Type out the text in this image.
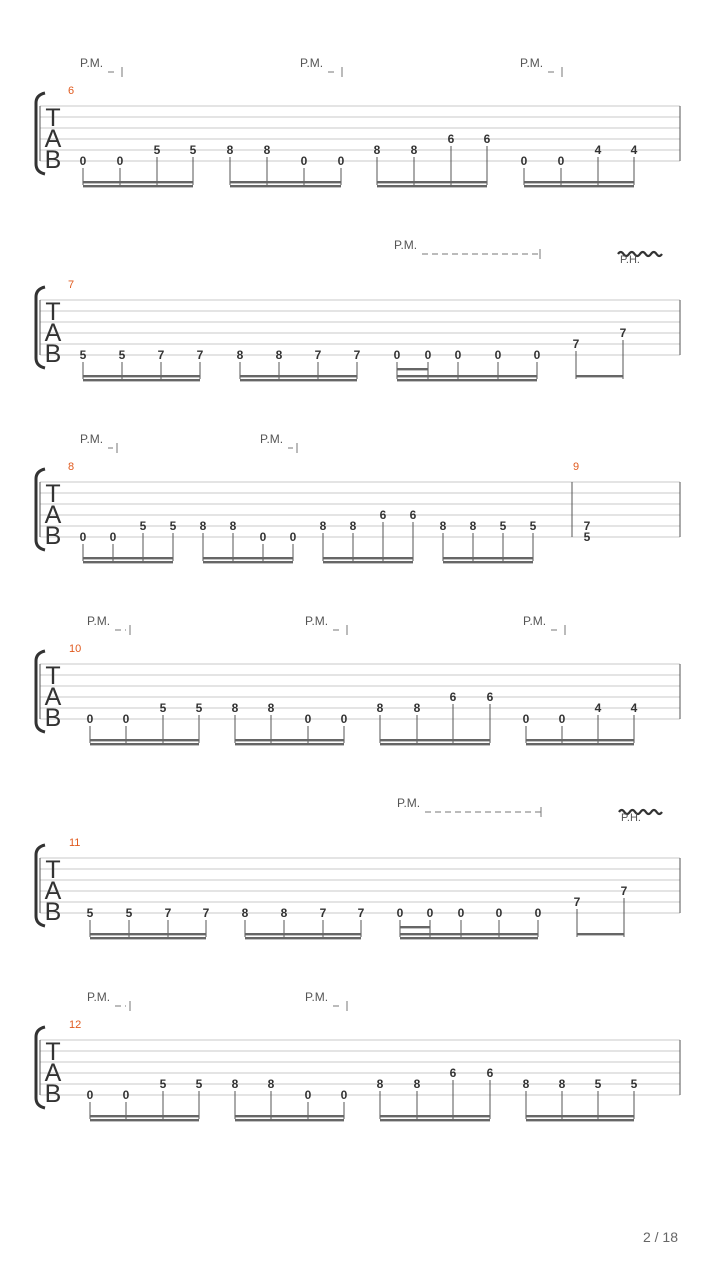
T
A
B
6
P.M.	P.M.	P.M.
0	0
5 5	8	8
0	0
8	8
6 6
0	0
4 4
T
A
B
7
P.M.
P.H.
5	5	7	7	8	8	7	7	0 0 0	0	0
7
7
T
A
B
8	9
P.M.	P.M.
0 0
5 5 8 8
0 0
8 8
6 6
8 8 5 5	7
5
T
A
B
10
P.M.	P.M.	P.M.
0 0
5 5 8 8
0 0
8	8
6	6
0 0
4 4
T
A
B
11
P.M.
P.H.
5	5	7	7	8	8	7	7	0 0 0	0	0
7
7
T
A
B
12
P.M.	P.M.
0 0
5 5 8 8
0 0
8	8
6	6
8 8 5 5
2 / 18
